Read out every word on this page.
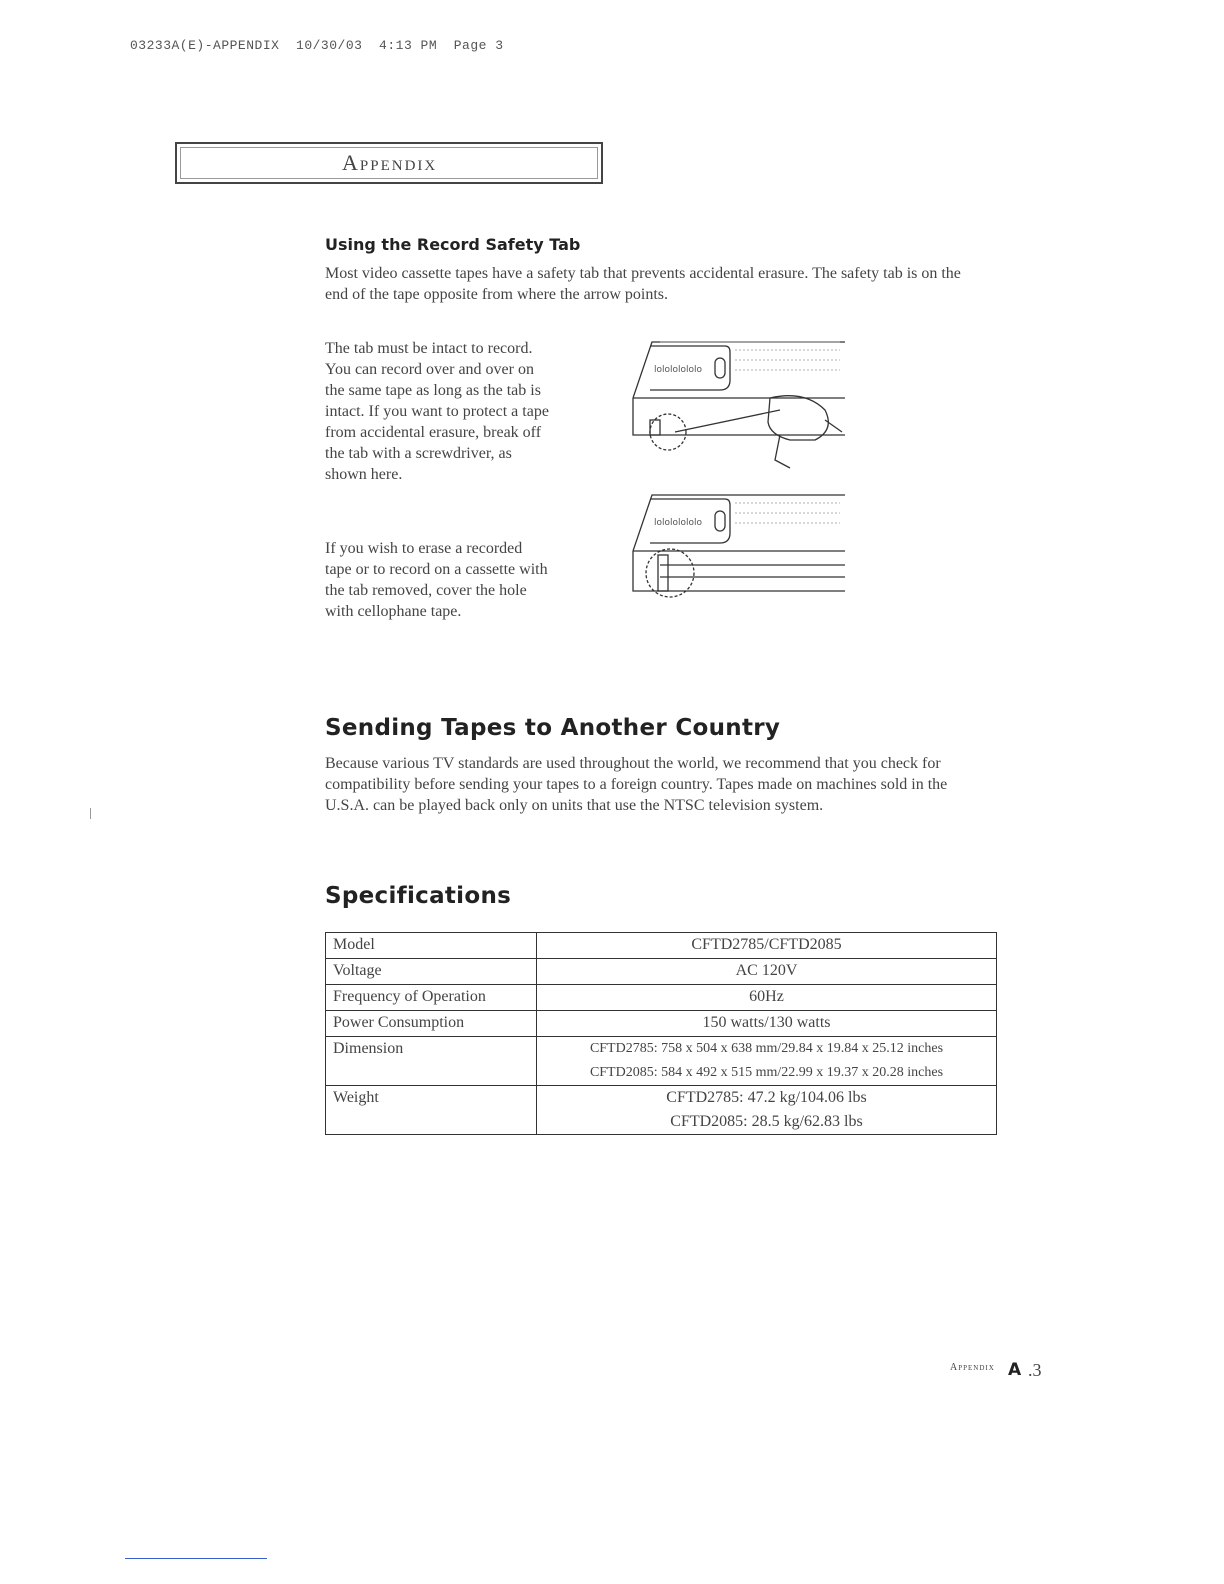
03233A(E)-APPENDIX  10/30/03  4:13 PM  Page 3
Appendix
Using the Record Safety Tab

Most video cassette tapes have a safety tab that prevents accidental erasure. The safety tab is on the end of the tape opposite from where the arrow points.

The tab must be intact to record. You can record over and over on the same tape as long as the tab is intact. If you want to protect a tape from accidental erasure, break off the tab with a screwdriver, as shown here.

If you wish to erase a recorded tape or to record on a cassette with the tab removed, cover the hole with cellophane tape.

lolololololo
lolololololo
Sending Tapes to Another Country

Because various TV standards are used throughout the world, we recommend that you check for compatibility before sending your tapes to a foreign country. Tapes made on machines sold in the U.S.A. can be played back only on units that use the NTSC television system.

Specifications
Model	CFTD2785/CFTD2085
Voltage	AC 120V
Frequency of Operation	60Hz
Power Consumption	150 watts/130 watts
Dimension	CFTD2785: 758 x 504 x 638 mm/29.84 x 19.84 x 25.12 inches
CFTD2085: 584 x 492 x 515 mm/22.99 x 19.37 x 20.28 inches

Weight	CFTD2785: 47.2 kg/104.06 lbs
CFTD2085: 28.5 kg/62.83 lbs
Appendix A .3
